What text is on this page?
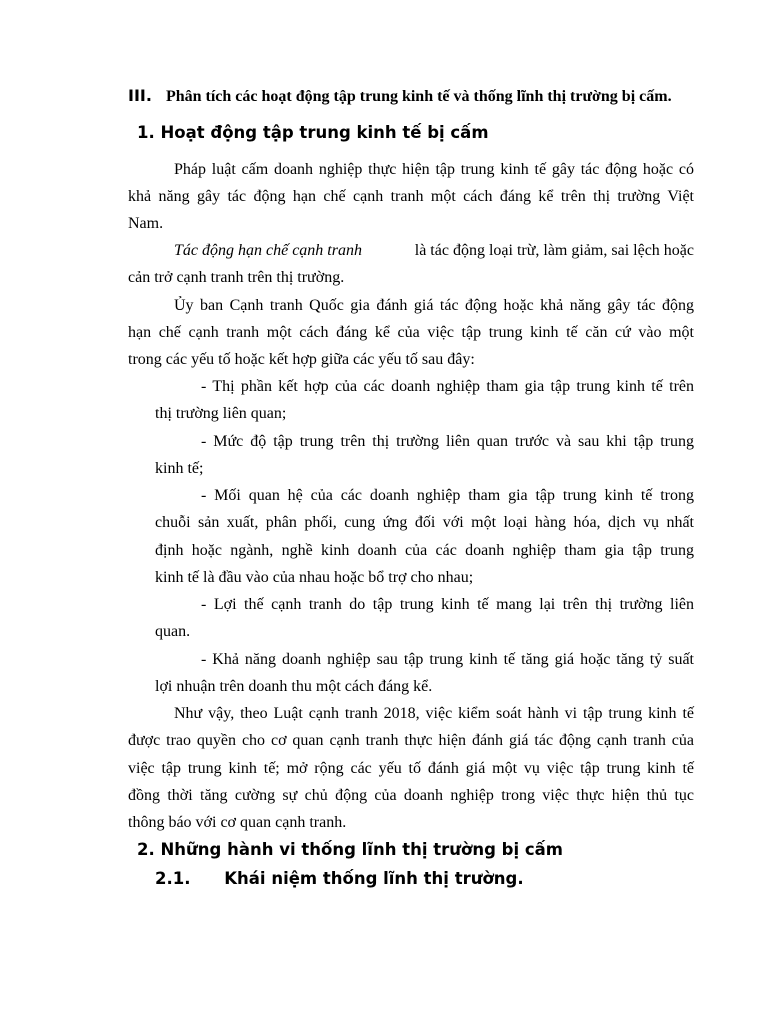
III. Phân tích các hoạt động tập trung kinh tế và thống lĩnh thị trường bị cấm.
1. Hoạt động tập trung kinh tế bị cấm
Pháp luật cấm doanh nghiệp thực hiện tập trung kinh tế gây tác động hoặc có
khả năng gây tác động hạn chế cạnh tranh một cách đáng kể trên thị trường Việt
Nam.
Tác động hạn chế cạnh tranh	là tác động loại trừ, làm giảm, sai lệch hoặc
cản trở cạnh tranh trên thị trường.
Ủy ban Cạnh tranh Quốc gia đánh giá tác động hoặc khả năng gây tác động
hạn chế cạnh tranh một cách đáng kể của việc tập trung kinh tế căn cứ vào một
trong các yếu tố hoặc kết hợp giữa các yếu tố sau đây:
- Thị phần kết hợp của các doanh nghiệp tham gia tập trung kinh tế trên
thị trường liên quan;
- Mức độ tập trung trên thị trường liên quan trước và sau khi tập trung
kinh tế;
- Mối quan hệ của các doanh nghiệp tham gia tập trung kinh tế trong
chuỗi sản xuất, phân phối, cung ứng đối với một loại hàng hóa, dịch vụ nhất
định hoặc ngành, nghề kinh doanh của các doanh nghiệp tham gia tập trung
kinh tế là đầu vào của nhau hoặc bổ trợ cho nhau;
- Lợi thế cạnh tranh do tập trung kinh tế mang lại trên thị trường liên
quan.
- Khả năng doanh nghiệp sau tập trung kinh tế tăng giá hoặc tăng tỷ suất
lợi nhuận trên doanh thu một cách đáng kể.
Như vậy, theo Luật cạnh tranh 2018, việc kiểm soát hành vi tập trung kinh tế
được trao quyền cho cơ quan cạnh tranh thực hiện đánh giá tác động cạnh tranh của
việc tập trung kinh tế; mở rộng các yếu tố đánh giá một vụ việc tập trung kinh tế
đồng thời tăng cường sự chủ động của doanh nghiệp trong việc thực hiện thủ tục
thông báo với cơ quan cạnh tranh.
2. Những hành vi thống lĩnh thị trường bị cấm
2.1. Khái niệm thống lĩnh thị trường.
